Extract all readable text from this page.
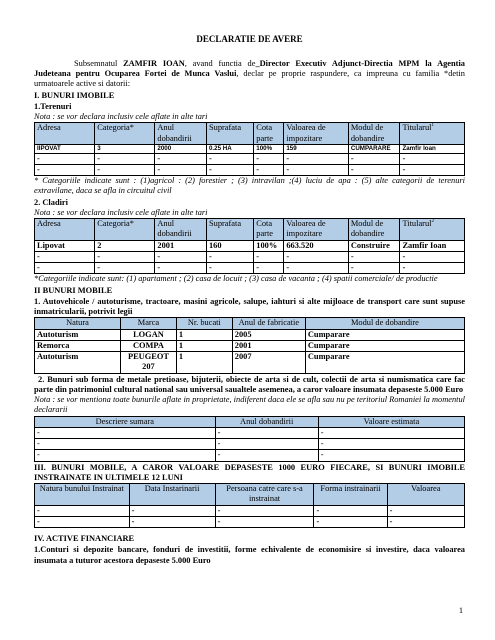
DECLARATIE DE AVERE

Subsemnatul ZAMFIR IOAN, avand functia de_Director Executiv Adjunct-Directia MPM la Agentia Judeteana pentru Ocuparea Fortei de Munca Vaslui, declar pe proprie raspundere, ca impreuna cu familia *detin urmatoarele active si datorii:

I. BUNURI IMOBILE

1.Terenuri

Nota : se vor declara inclusiv cele aflate in alte tari

Adresa	Categoria*	Anul dobandirii	Suprafata	Cota parte	Valoarea de impozitare	Modul de dobandire	Titularul$^1$
IIPOVAT	3	2000	0.25 HA	100%	159	CUMPARARE	Zamfir Ioan
-	-	-	-	-	-	-	-
-	-	-	-	-	-	-	-

* Categoriile indicate sunt : (1)agricol : (2) forestier ; (3) intravilan ;(4) luciu de apa : (5) alte categorii de terenuri extravilane, daca se afla in circuitul civil

2. Cladiri

Nota : se vor declara inclusiv cele aflate in alte tari

Adresa	Categoria*	Anul dobandirii	Suprafata	Cota parte	Valoarea de impozitare	Modul de dobandire	Titularul$^2$
Lipovat	2	2001	160	100%	663.520	Construire	Zamfir Ioan
-	-	-	-	-	-	-	-
-	-	-	-	-	-	-	-

*Categoriile indicate sunt: (1) apartament ; (2) casa de locuit ; (3) casa de vacanta ; (4) spatii comerciale/ de productie

II BUNURI MOBILE

1. Autovehicole / autoturisme, tractoare, masini agricole, salupe, iahturi si alte mijloace de transport care sunt supuse inmatricularii, potrivit legii

Natura	Marca	Nr. bucati	Anul de fabricatie	Modul de dobandire
Autoturism	LOGAN	1	2005	Cumparare
Remorca	COMPA	1	2001	Cumparare
Autoturism	PEUGEOT 207	1	2007	Cumparare

2. Bunuri sub forma de metale pretioase, bijuterii, obiecte de arta si de cult, colectii de arta si numismatica care fac parte din patrimoniul cultural national sau universal saualtele asemenea, a caror valoare insumata depaseste 5.000 Euro

Nota : se vor mentiona toate bunurile aflate in proprietate, indiferent daca ele se afla sau nu pe teritoriul Romaniei la momentul declararii

Descriere sumara	Anul dobandirii	Valoare estimata
-	-	-
-	-	-
-	-	-

III. BUNURI MOBILE, A CAROR VALOARE DEPASESTE 1000 EURO FIECARE, SI BUNURI IMOBILE INSTRAINATE IN ULTIMELE 12 LUNI

Natura bunului Instrainat	Data Instarinarii	Persoana catre care s-a instrainat	Forma instrainarii	Valoarea
-	-	-	-	-
-	-	-	-	-

IV. ACTIVE FINANCIARE

1.Conturi si depozite bancare, fonduri de investitii, forme echivalente de economisire si investire, daca valoarea insumata a tuturor acestora depaseste 5.000 Euro

1
